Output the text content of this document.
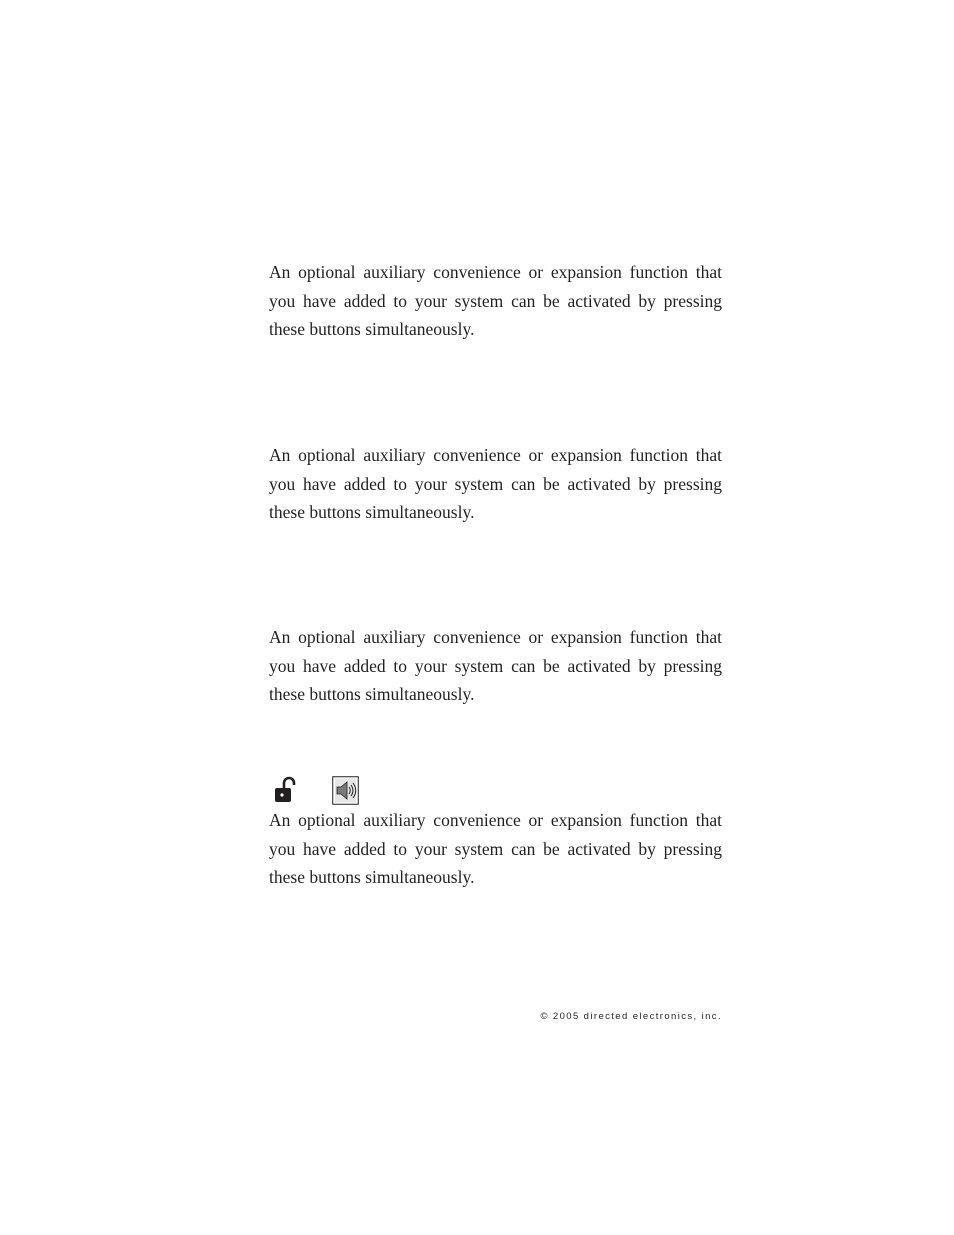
An optional auxiliary convenience or expansion function that you have added to your system can be activated by pressing these buttons simultaneously.

An optional auxiliary convenience or expansion function that you have added to your system can be activated by pressing these buttons simultaneously.

An optional auxiliary convenience or expansion function that you have added to your system can be activated by pressing these buttons simultaneously.

An optional auxiliary convenience or expansion function that you have added to your system can be activated by pressing these buttons simultaneously.

© 2005 directed electronics, inc.
